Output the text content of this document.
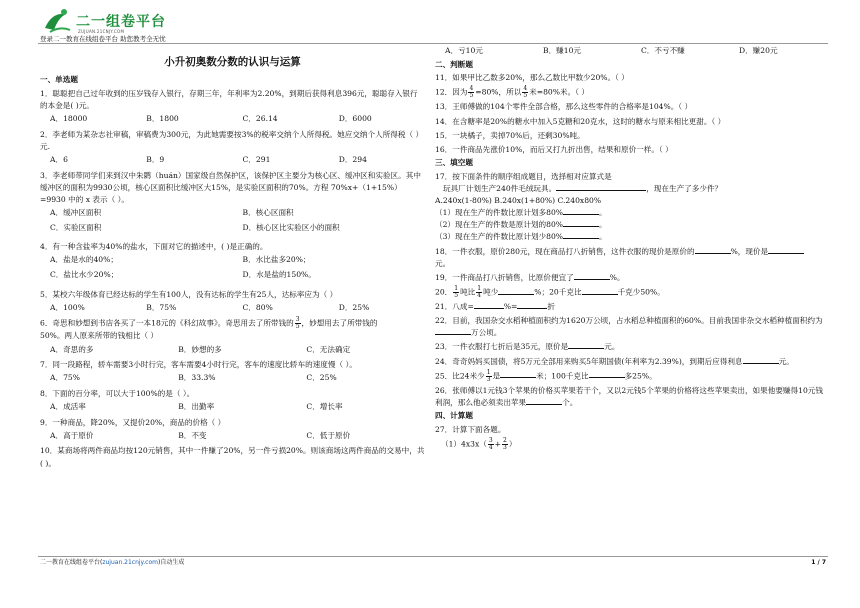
二一组卷平台
ZUJUAN.21CNJY.COM
登录二一教育在线组卷平台 助您教考全无忧
小升初奥数分数的认识与运算
一、单选题
1．聪聪把自己过年收到的压岁钱存入银行，存期三年，年利率为2.20%，到期后获得利息396元，聪聪存入银行的本金是( )元。
A．18000	B．1800	C．26.14	D．6000
2．李老师为某杂志社审稿，审稿费为300元，为此她需要按3%的税率交纳个人所得税。她应交纳个人所得税（ ）元.
A．6	B．9	C．291	D．294
3．李老师带同学们来到汉中朱鹮（huán）国家级自然保护区，该保护区主要分为核心区、缓冲区和实验区。其中缓冲区的面积为9930公顷，核心区面积比缓冲区大15%，是实验区面积的70%。方程 70%x+（1+15%）=9930 中的 x 表示（ ）。
A．缓冲区面积	B．核心区面积
C．实验区面积	D．核心区比实验区小的面积
4．有一种含盐率为40%的盐水，下面对它的描述中，( )是正确的。
A．盐是水的40%；	B．水比盐多20%；
C．盐比水少20%；	D．水是盐的150%。
5．某校六年级体育已经达标的学生有100人，没有达标的学生有25人，达标率应为（ ）
A．100%	B．75%	C．80%	D．25%
6．奇思和妙想到书店各买了一本18元的《科幻故事》。奇思用去了所带钱的 $\frac{3}{5}$ ，妙想用去了所带钱的
50%。两人原来所带的钱相比（ ）
A．奇思的多	B．妙想的多	C．无法确定
7．同一段路程，轿车需要3小时行完，客车需要4小时行完，客车的速度比轿车的速度慢（ ）。
A．75%	B．33.3%	C．25%
8．下面的百分率，可以大于100%的是（ ）。
A．成活率	B．出勤率	C．增长率
9．一种商品，降20%，又提价20%，商品的价格（ ）
A．高于原价	B．不变	C．低于原价
10．某商场将两件商品均按120元销售，其中一件赚了20%，另一件亏损20%。则该商场这两件商品的交易中，共( )。
A．亏10元	B．赚10元	C．不亏不赚	D．赚20元
二、判断题
11．如果甲比乙数多20%，那么乙数比甲数少20%。（ ）
12．因为 $\frac{4}{5} =80\%$，所以 $\frac{4}{5}$ 米=80%米。（ ）
13．王师傅做的104个零件全部合格，那么这些零件的合格率是104%。（ ）
14．在含糖率是20%的糖水中加入5克糖和20克水，这时的糖水与原来相比更甜。（ ）
15．一块橘子，卖掉70%后，还剩30%吨。
16．一件商品先涨价10%，而后又打九折出售，结果和原价一样。（ ）
三、填空题
17．按下面条件的顺序组成题目，选择相对应算式是
玩具厂计划生产240件毛绒玩具。	，现在生产了多少件？
A.240x(1-80%) B.240x(1+80%) C.240x80%
（1）现在生产的件数比原计划多80%	。
（2）现在生产的件数是原计划的80%	。
（3）现在生产的件数比原计划少80%	。
18．一件衣服，原价280元，现在商品打八折销售，这件衣服的现价是原价的	%，现价是
元。
19．一件商品打八折销售，比原价便宜了	%。
20． $\frac{1}{5}$ 吨比 $\frac{1}{4}$ 吨少	%；20千克比	千克少50%。
21．八成=	%=	折
22．目前，我国杂交水稻种植面积约为1620万公顷，占水稻总种植面积的60%。目前我国非杂交水稻种植面积约为万公顷。
23．一件衣服打七折后是35元，原价是	元。
24．奇奇妈妈买国债，将5万元全部用来购买5年期国债(年利率为2.39%)，到期后应得利息	元。
25．比24米少 $\frac{1}{3}$ 是	米；100千克比	多25%。
26．张师傅以1元钱3个苹果的价格买苹果若干个，又以2元钱5个苹果的价格将这些苹果卖出，如果他要赚得10元钱利润，那么他必须卖出苹果	个。
四、计算题
27．计算下面各题。
$(1)4x3x( \frac{3}{4} + \frac{2}{3}$ ）
二一教育在线组卷平台(zujuan.21cnjy.com)自动生成	1 / 7
